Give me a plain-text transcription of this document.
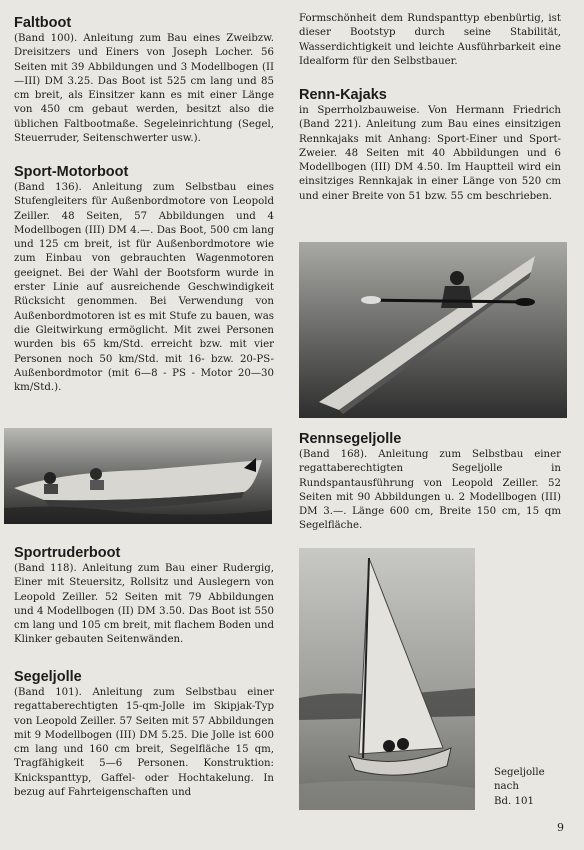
Faltboot

(Band 100). Anleitung zum Bau eines Zweibzw. Dreisitzers und Einers von Joseph Locher. 56 Seiten mit 39 Abbildungen und 3 Modellbogen (II—III) DM 3.25. Das Boot ist 525 cm lang und 85 cm breit, als Einsitzer kann es mit einer Länge von 450 cm gebaut werden, besitzt also die üblichen Faltbootmaße. Segeleinrichtung (Segel, Steuerruder, Seitenschwerter usw.).

Sport-Motorboot

(Band 136). Anleitung zum Selbstbau eines Stufengleiters für Außenbordmotore von Leopold Zeiller. 48 Seiten, 57 Abbildungen und 4 Modellbogen (III) DM 4.—. Das Boot, 500 cm lang und 125 cm breit, ist für Außenbordmotore wie zum Einbau von gebrauchten Wagenmotoren geeignet. Bei der Wahl der Bootsform wurde in erster Linie auf ausreichende Geschwindigkeit Rücksicht genommen. Bei Verwendung von Außenbordmotoren ist es mit Stufe zu bauen, was die Gleitwirkung ermöglicht. Mit zwei Personen wurden bis 65 km/Std. erreicht bzw. mit vier Personen noch 50 km/Std. mit 16- bzw. 20-PS-Außenbordmotor (mit 6—8 - PS - Motor 20—30 km/Std.).

Sportruderboot

(Band 118). Anleitung zum Bau einer Rudergig, Einer mit Steuersitz, Rollsitz und Auslegern von Leopold Zeiller. 52 Seiten mit 79 Abbildungen und 4 Modellbogen (II) DM 3.50. Das Boot ist 550 cm lang und 105 cm breit, mit flachem Boden und Klinker gebauten Seitenwänden.

Segeljolle

(Band 101). Anleitung zum Selbstbau einer regattaberechtigten 15-qm-Jolle im Skipjak-Typ von Leopold Zeiller. 57 Seiten mit 57 Abbildungen mit 9 Modellbogen (III) DM 5.25. Die Jolle ist 600 cm lang und 160 cm breit, Segelfläche 15 qm, Tragfähigkeit 5—6 Personen. Konstruktion: Knickspanttyp, Gaffel- oder Hochtakelung. In bezug auf Fahrteigenschaften und

Formschönheit dem Rundspanttyp ebenbürtig, ist dieser Bootstyp durch seine Stabilität, Wasserdichtigkeit und leichte Ausführbarkeit eine Idealform für den Selbstbauer.

Renn-Kajaks

in Sperrholzbauweise. Von Hermann Friedrich (Band 221). Anleitung zum Bau eines einsitzigen Rennkajaks mit Anhang: Sport-Einer und Sport-Zweier. 48 Seiten mit 40 Abbildungen und 6 Modellbogen (III) DM 4.50. Im Hauptteil wird ein einsitziges Rennkajak in einer Länge von 520 cm und einer Breite von 51 bzw. 55 cm beschrieben.

Rennsegeljolle

(Band 168). Anleitung zum Selbstbau einer regattaberechtigten Segeljolle in Rundspantausführung von Leopold Zeiller. 52 Seiten mit 90 Abbildungen u. 2 Modellbogen (III) DM 3.—. Länge 600 cm, Breite 150 cm, 15 qm Segelfläche.

Segeljolle
nach
Bd. 101
9
